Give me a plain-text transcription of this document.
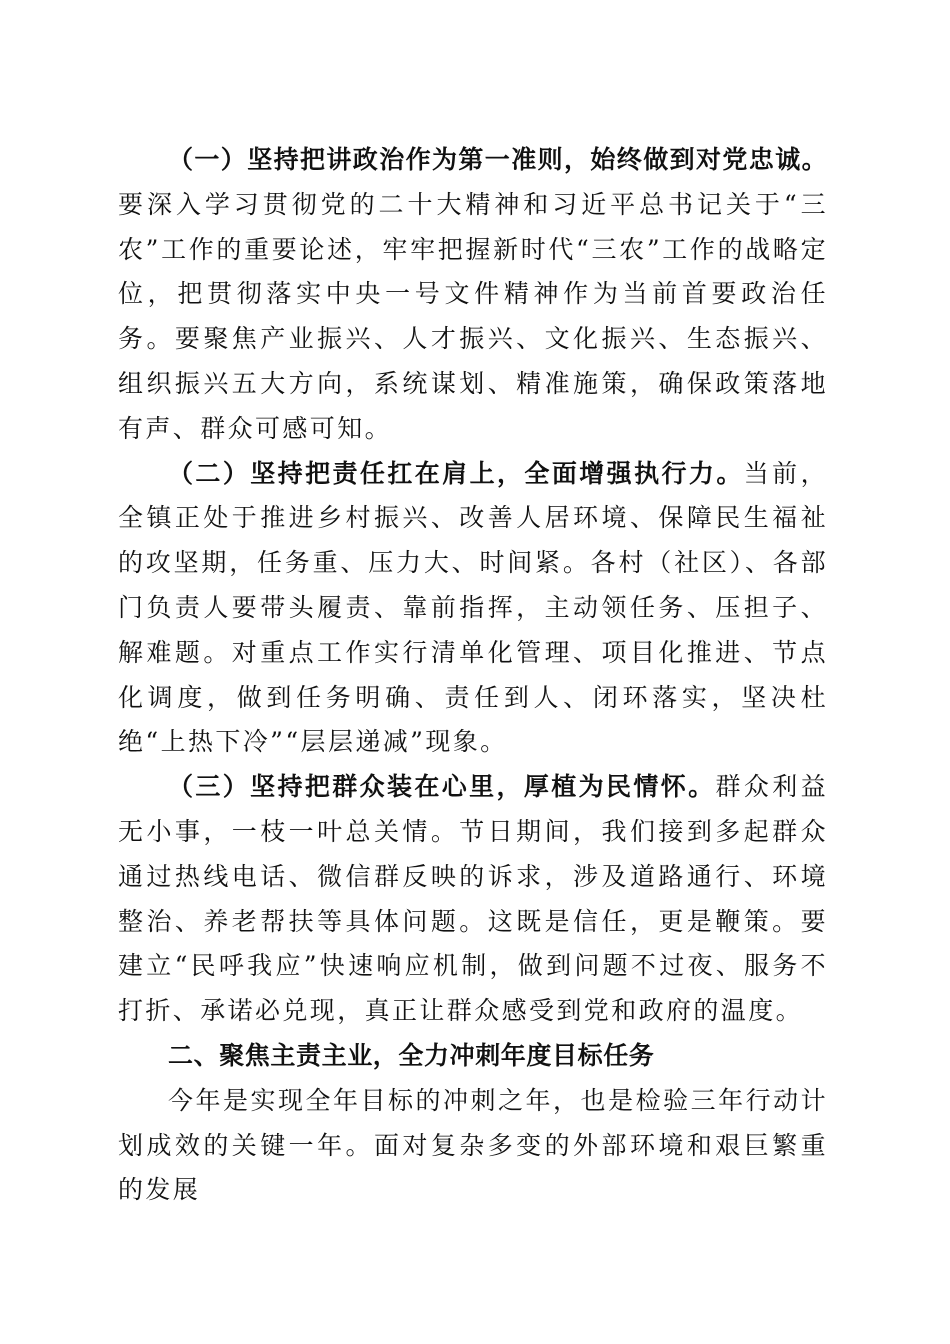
（一）坚持把讲政治作为第一准则，始终做到对党忠诚。要深入学习贯彻党的二十大精神和习近平总书记关于“三农”工作的重要论述，牢牢把握新时代“三农”工作的战略定位，把贯彻落实中央一号文件精神作为当前首要政治任务。要聚焦产业振兴、人才振兴、文化振兴、生态振兴、组织振兴五大方向，系统谋划、精准施策，确保政策落地有声、群众可感可知。

（二）坚持把责任扛在肩上，全面增强执行力。当前，全镇正处于推进乡村振兴、改善人居环境、保障民生福祉的攻坚期，任务重、压力大、时间紧。各村（社区）、各部门负责人要带头履责、靠前指挥，主动领任务、压担子、解难题。对重点工作实行清单化管理、项目化推进、节点化调度，做到任务明确、责任到人、闭环落实，坚决杜绝“上热下冷”“层层递减”现象。

（三）坚持把群众装在心里，厚植为民情怀。群众利益无小事，一枝一叶总关情。节日期间，我们接到多起群众通过热线电话、微信群反映的诉求，涉及道路通行、环境整治、养老帮扶等具体问题。这既是信任，更是鞭策。要建立“民呼我应”快速响应机制，做到问题不过夜、服务不打折、承诺必兑现，真正让群众感受到党和政府的温度。

二、聚焦主责主业，全力冲刺年度目标任务

今年是实现全年目标的冲刺之年，也是检验三年行动计划成效的关键一年。面对复杂多变的外部环境和艰巨繁重的发展
